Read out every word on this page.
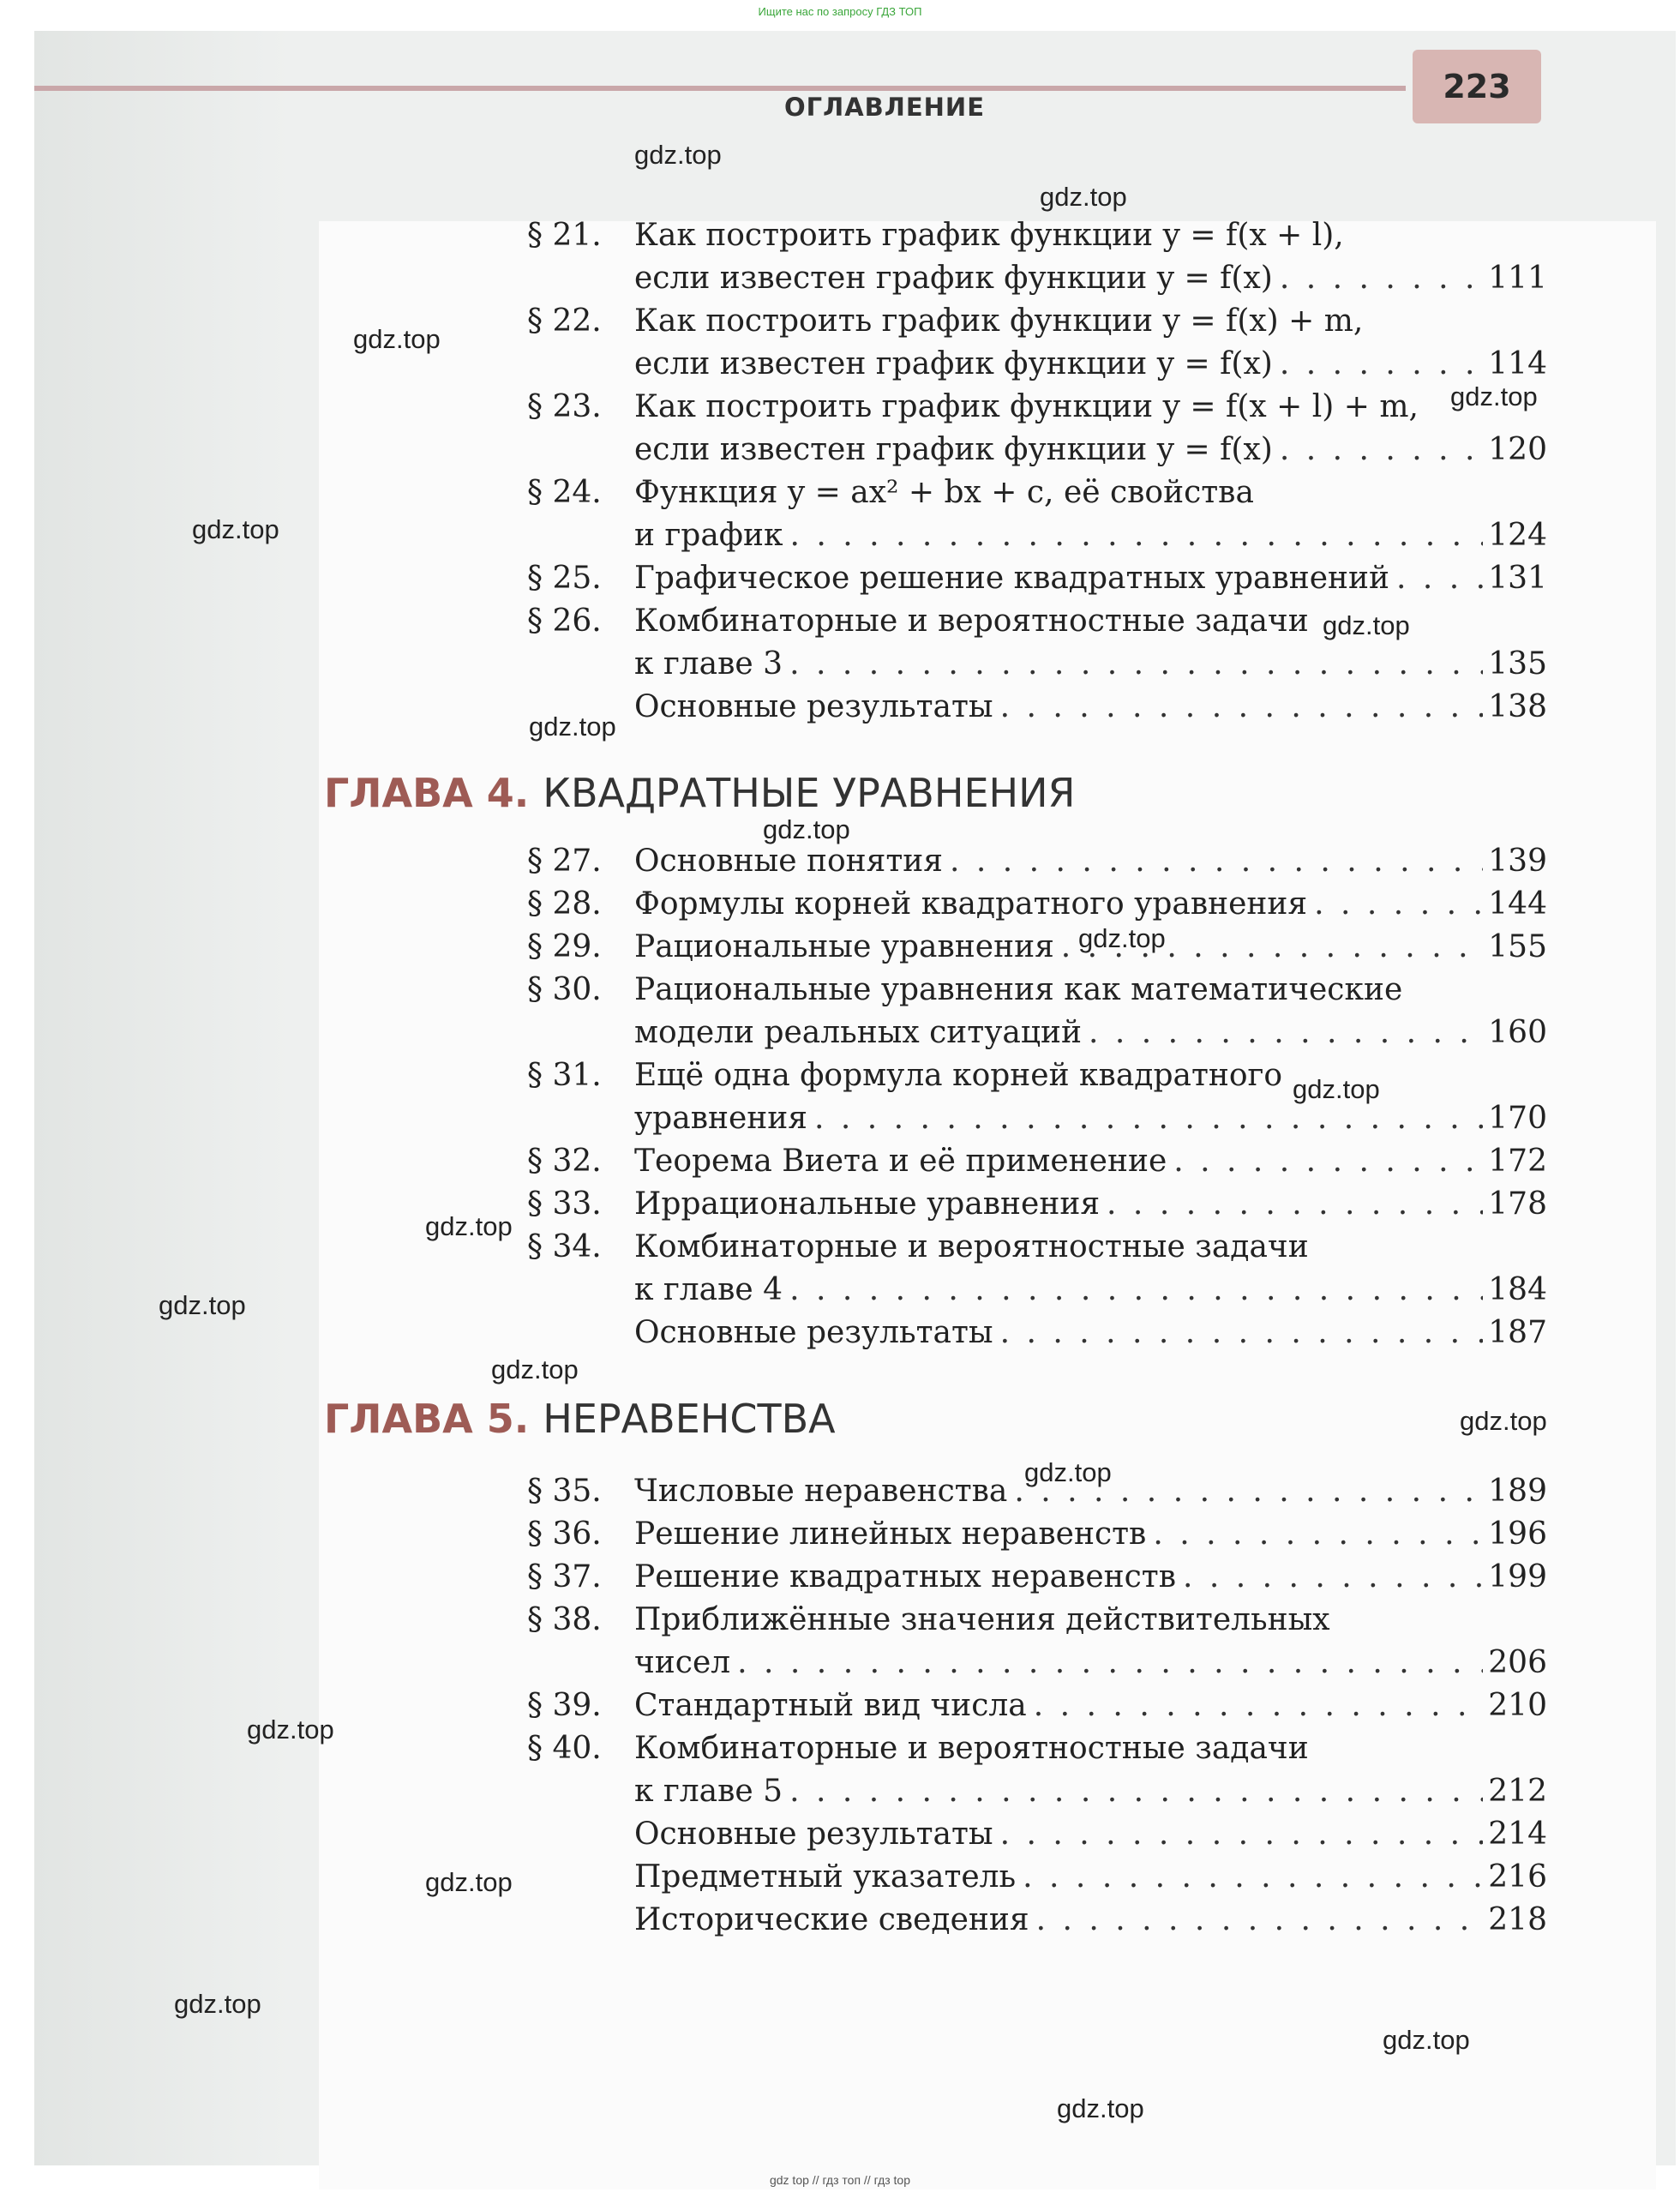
Ищите нас по запросу ГДЗ ТОП
ОГЛАВЛЕНИЕ
223
§ 21. Как построить график функции y = f(x + l),
если известен график функции y = f(x) . . .	111
§ 22. Как построить график функции y = f(x) + m,
если известен график функции y = f(x) . . .	114
§ 23. Как построить график функции y = f(x + l) + m,
если известен график функции y = f(x) . . .	120
§ 24. Функция y = ax² + bx + c, её свойства
и график . . .	124
§ 25. Графическое решение квадратных уравнений . . .	131
§ 26. Комбинаторные и вероятностные задачи
к главе 3 . . .	135
Основные результаты . . .	138
§ 27. Основные понятия . . .	139
§ 28. Формулы корней квадратного уравнения . . .	144
§ 29. Рациональные уравнения . . .	155
§ 30. Рациональные уравнения как математические
модели реальных ситуаций . . .	160
§ 31. Ещё одна формула корней квадратного
уравнения . . .	170
§ 32. Теорема Виета и её применение . . .	172
§ 33. Иррациональные уравнения . . .	178
§ 34. Комбинаторные и вероятностные задачи
к главе 4 . . .	184
Основные результаты . . .	187
§ 35. Числовые неравенства . . .	189
§ 36. Решение линейных неравенств . . .	196
§ 37. Решение квадратных неравенств . . .	199
§ 38. Приближённые значения действительных
чисел . . .	206
§ 39. Стандартный вид числа . . .	210
§ 40. Комбинаторные и вероятностные задачи
к главе 5 . . .	212
Основные результаты . . .	214
Предметный указатель . . .	216
Исторические сведения . . .	218
ГЛАВА 4. КВАДРАТНЫЕ УРАВНЕНИЯ
ГЛАВА 5. НЕРАВЕНСТВА
gdz.top
gdz.top
gdz.top
gdz.top
gdz.top
gdz.top
gdz.top
gdz.top
gdz.top
gdz.top
gdz.top
gdz.top
gdz.top
gdz.top
gdz.top
gdz.top
gdz.top
gdz.top
gdz.top
gdz.top
gdz top // гдз топ // гдз top
